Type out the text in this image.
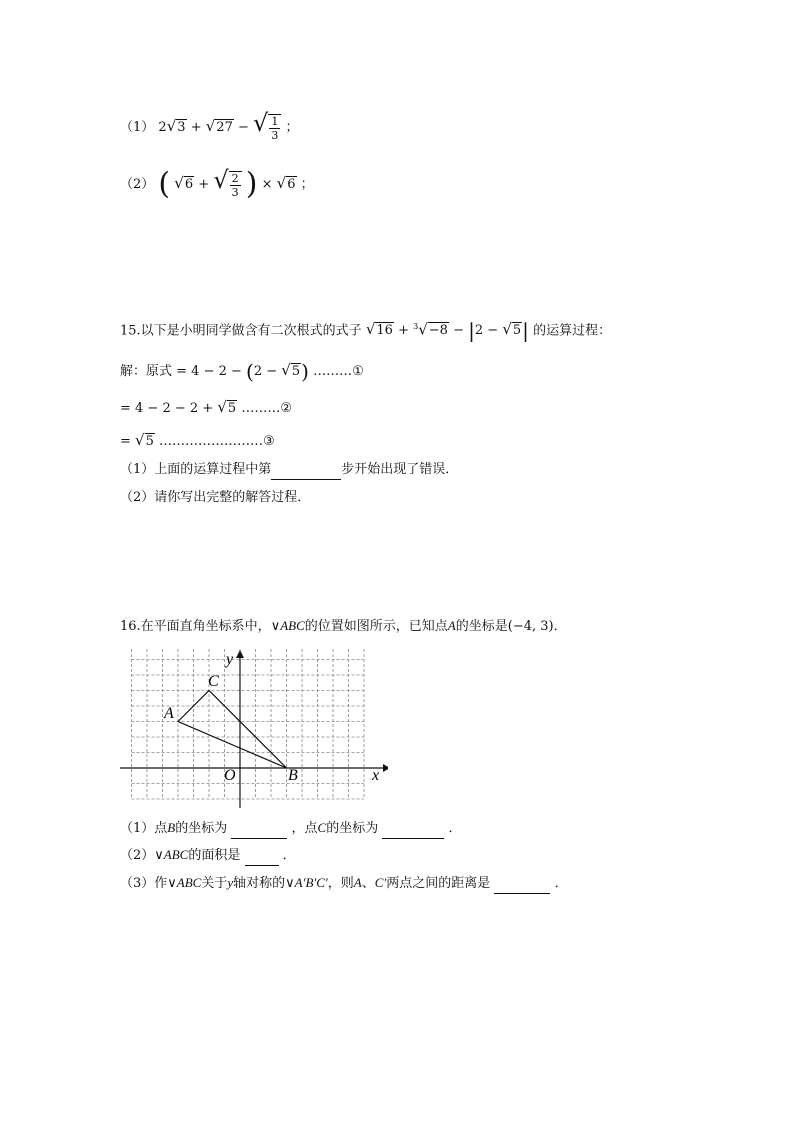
（1） 2√3 + √27 − √ $\frac{1}{3}$ ；
（2） ( √6 + √ $\frac{2}{3}$ ) × √6 ；
15.以下是小明同学做含有二次根式的式子 √16 + $^3$√−8 − |2 − √5| 的运算过程：
解：原式 = 4 − 2 − (2 − √5) ………①
= 4 − 2 − 2 + √5 ………②
= √5 ……………………③
（1）上面的运算过程中第	步开始出现了错误．
（2）请你写出完整的解答过程．
16.在平面直角坐标系中，∨ABC的位置如图所示，已知点A的坐标是(−4, 3)．
x
y
O
A
B
C
（1）点B的坐标为	，点C的坐标为	．
（2）∨ABC的面积是	．
（3）作∨ABC关于y轴对称的∨A′B′C′，则A、C′两点之间的距离是	．
